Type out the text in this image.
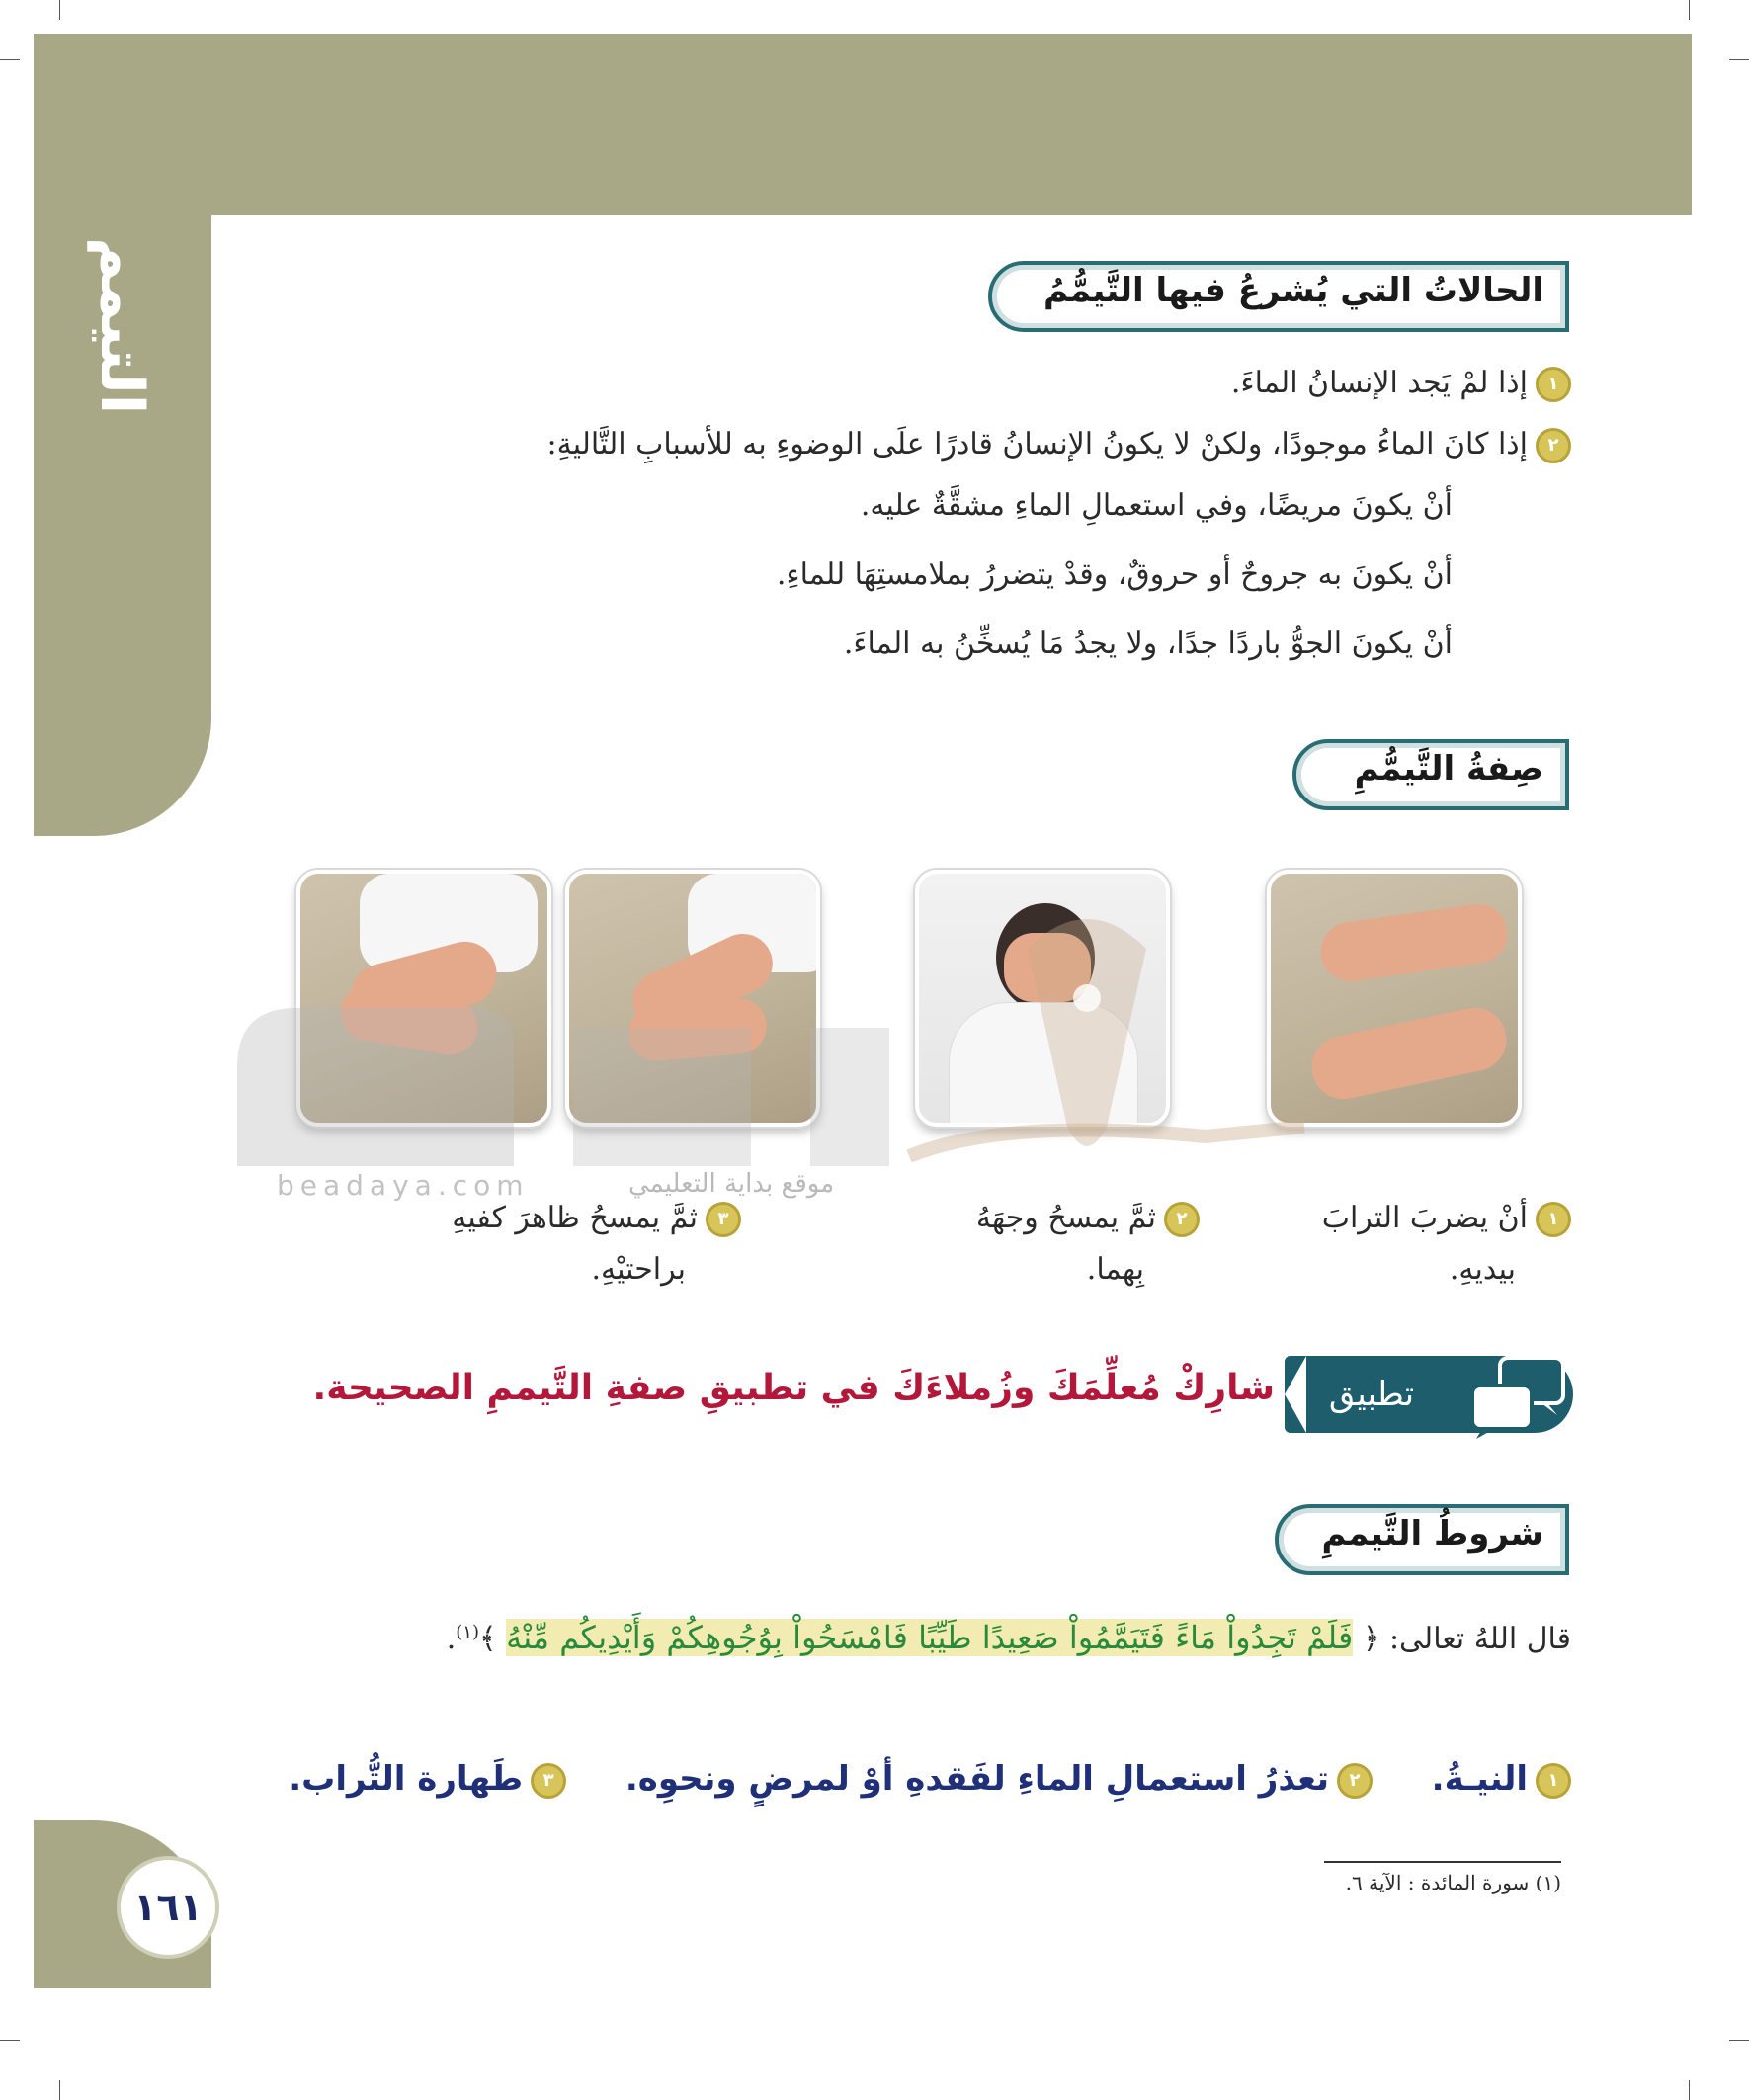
التيمم	الحالاتُ التي يُشرعُ فيها التَّيمُّمُ
١إذا لمْ يَجد الإنسانُ الماءَ.
٢إذا كانَ الماءُ موجودًا، ولكنْ لا يكونُ الإنسانُ قادرًا علَى الوضوءِ به للأسبابِ التَّاليةِ:
أنْ يكونَ مريضًا، وفي استعمالِ الماءِ مشقَّةٌ عليه.
أنْ يكونَ به جروحٌ أو حروقٌ، وقدْ يتضررُ بملامستِهَا للماءِ.
أنْ يكونَ الجوُّ باردًا جدًا، ولا يجدُ مَا يُسخِّنُ به الماءَ.
صِفةُ التَّيمُّمِ
beadaya.com	موقع بداية التعليمي
١أنْ يضربَ الترابَ
بيديهِ.
٢ثمَّ يمسحُ وجهَهُ
بِهما.
٣ثمَّ يمسحُ ظاهرَ كفيهِ
براحتيْهِ.
تطبيق
شارِكْ مُعلِّمَكَ وزُملاءَكَ في تطبيقِ صفةِ التَّيممِ الصحيحة.
شروطُ التَّيممِ
قال اللهُ تعالى: ﴿ فَلَمْ تَجِدُواْ مَاءً فَتَيَمَّمُواْ صَعِيدًا طَيِّبًا فَامْسَحُواْ بِوُجُوهِكُمْ وَأَيْدِيكُم مِّنْهُ ﴾$^{(١)}$.
١النيـةُ.  ٢تعذرُ استعمالِ الماءِ لفَقدهِ أوْ لمرضٍ ونحوِه.  ٣طَهارة التُّراب.
١٦١
(١) سورة المائدة : الآية ٦.
